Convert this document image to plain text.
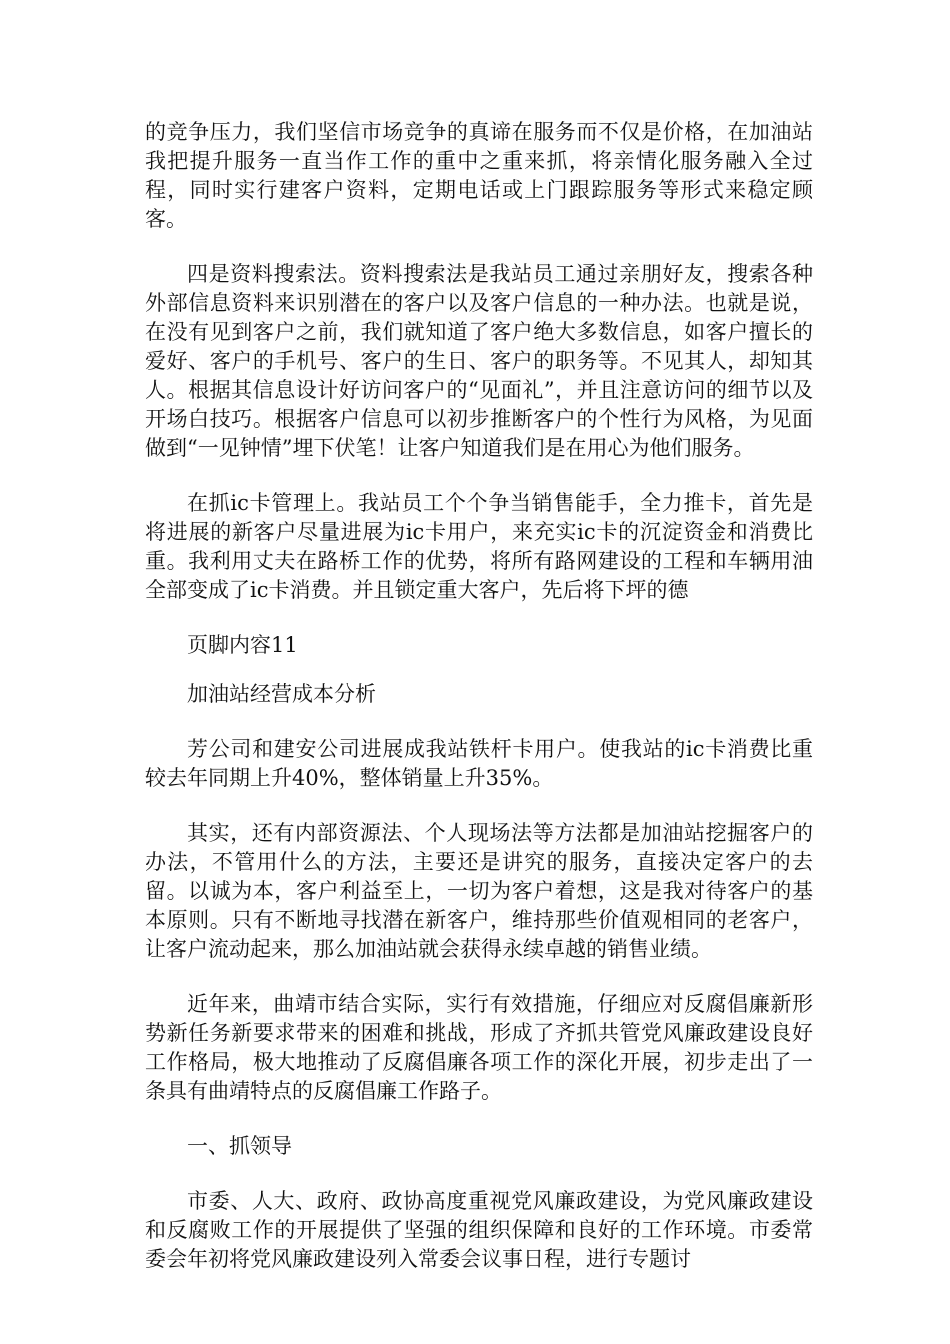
的竞争压力，我们坚信市场竞争的真谛在服务而不仅是价格，在加油站我把提升服务一直当作工作的重中之重来抓，将亲情化服务融入全过程，同时实行建客户资料，定期电话或上门跟踪服务等形式来稳定顾客。

四是资料搜索法。资料搜索法是我站员工通过亲朋好友，搜索各种外部信息资料来识别潜在的客户以及客户信息的一种办法。也就是说，在没有见到客户之前，我们就知道了客户绝大多数信息，如客户擅长的爱好、客户的手机号、客户的生日、客户的职务等。不见其人，却知其人。根据其信息设计好访问客户的“见面礼”，并且注意访问的细节以及开场白技巧。根据客户信息可以初步推断客户的个性行为风格，为见面做到“一见钟情”埋下伏笔！让客户知道我们是在用心为他们服务。

在抓ic卡管理上。我站员工个个争当销售能手，全力推卡，首先是将进展的新客户尽量进展为ic卡用户，来充实ic卡的沉淀资金和消费比重。我利用丈夫在路桥工作的优势，将所有路网建设的工程和车辆用油全部变成了ic卡消费。并且锁定重大客户，先后将下坪的德

页脚内容11

加油站经营成本分析

芳公司和建安公司进展成我站铁杆卡用户。使我站的ic卡消费比重较去年同期上升40%，整体销量上升35%。

其实，还有内部资源法、个人现场法等方法都是加油站挖掘客户的办法，不管用什么的方法，主要还是讲究的服务，直接决定客户的去留。以诚为本，客户利益至上，一切为客户着想，这是我对待客户的基本原则。只有不断地寻找潜在新客户，维持那些价值观相同的老客户，让客户流动起来，那么加油站就会获得永续卓越的销售业绩。

近年来，曲靖市结合实际，实行有效措施，仔细应对反腐倡廉新形势新任务新要求带来的困难和挑战，形成了齐抓共管党风廉政建设良好工作格局，极大地推动了反腐倡廉各项工作的深化开展，初步走出了一条具有曲靖特点的反腐倡廉工作路子。

一、抓领导

市委、人大、政府、政协高度重视党风廉政建设，为党风廉政建设和反腐败工作的开展提供了坚强的组织保障和良好的工作环境。市委常委会年初将党风廉政建设列入常委会议事日程，进行专题讨
